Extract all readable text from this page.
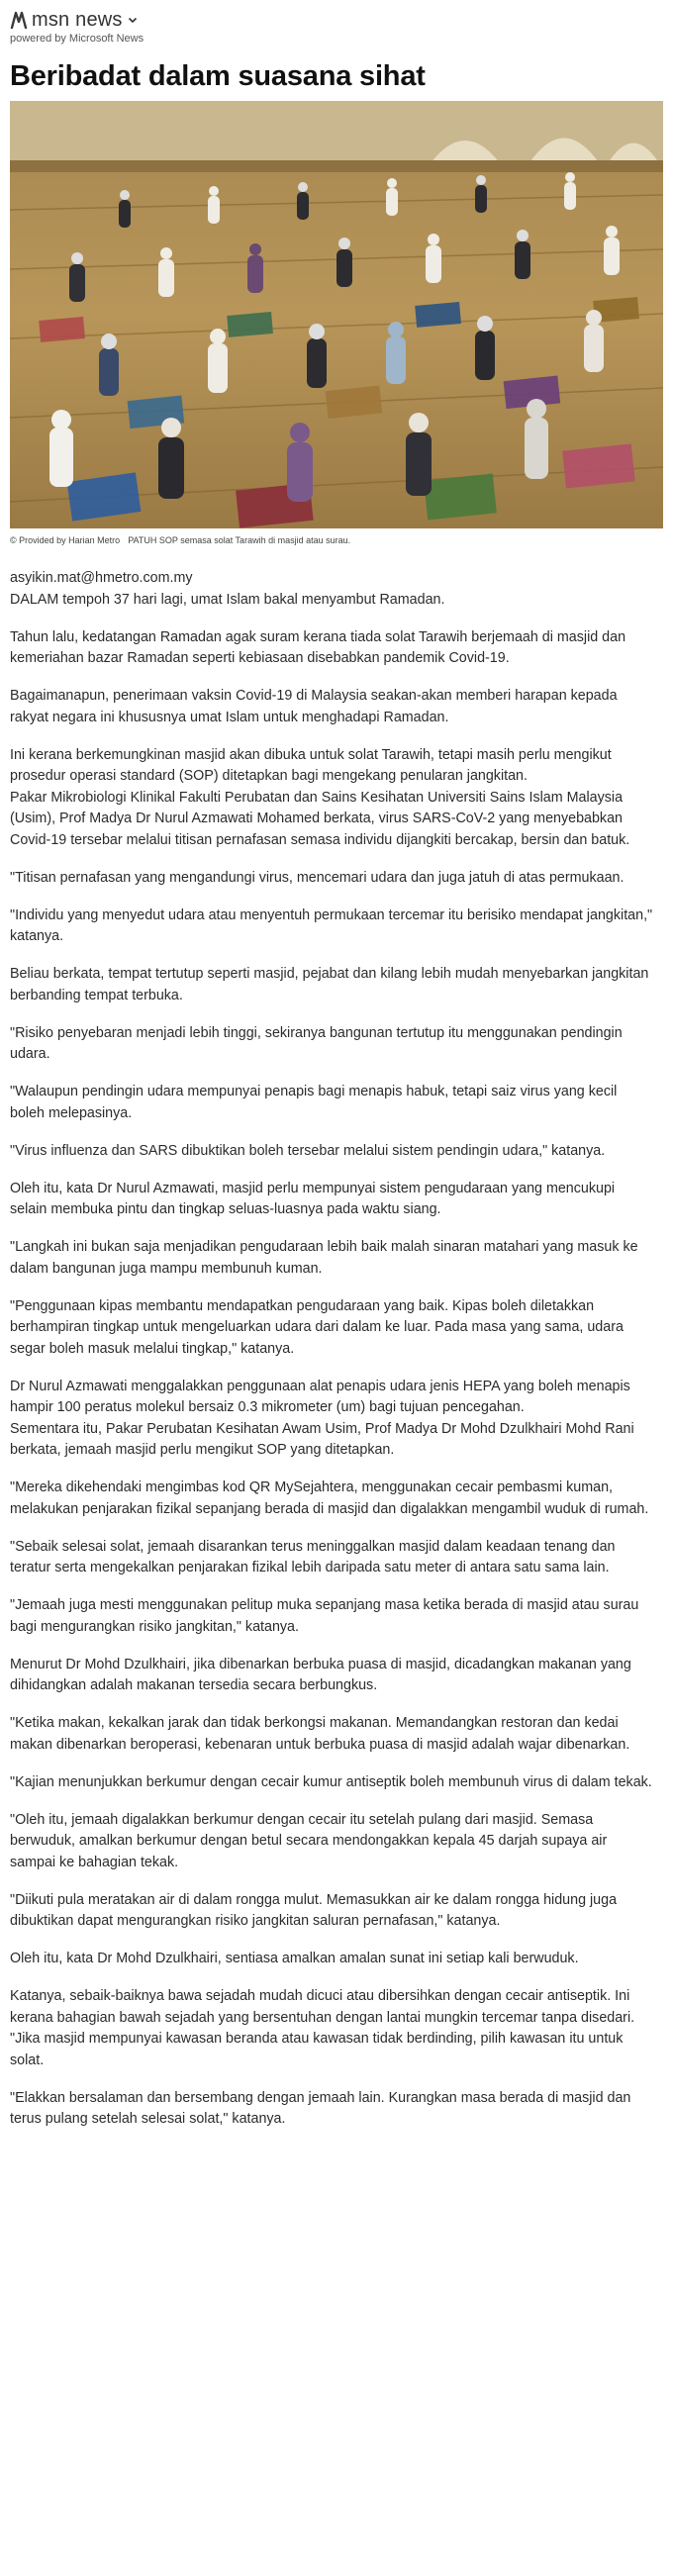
msn news
powered by Microsoft News
Beribadat dalam suasana sihat
© Provided by Harian Metro PATUH SOP semasa solat Tarawih di masjid atau surau.

asyikin.mat@hmetro.com.my

DALAM tempoh 37 hari lagi, umat Islam bakal menyambut Ramadan.

Tahun lalu, kedatangan Ramadan agak suram kerana tiada solat Tarawih berjemaah di masjid dan kemeriahan bazar Ramadan seperti kebiasaan disebabkan pandemik Covid-19.

Bagaimanapun, penerimaan vaksin Covid-19 di Malaysia seakan-akan memberi harapan kepada rakyat negara ini khususnya umat Islam untuk menghadapi Ramadan.

Ini kerana berkemungkinan masjid akan dibuka untuk solat Tarawih, tetapi masih perlu mengikut prosedur operasi standard (SOP) ditetapkan bagi mengekang penularan jangkitan.

Pakar Mikrobiologi Klinikal Fakulti Perubatan dan Sains Kesihatan Universiti Sains Islam Malaysia (Usim), Prof Madya Dr Nurul Azmawati Mohamed berkata, virus SARS-CoV-2 yang menyebabkan Covid-19 tersebar melalui titisan pernafasan semasa individu dijangkiti bercakap, bersin dan batuk.

"Titisan pernafasan yang mengandungi virus, mencemari udara dan juga jatuh di atas permukaan.

"Individu yang menyedut udara atau menyentuh permukaan tercemar itu berisiko mendapat jangkitan," katanya.

Beliau berkata, tempat tertutup seperti masjid, pejabat dan kilang lebih mudah menyebarkan jangkitan berbanding tempat terbuka.

"Risiko penyebaran menjadi lebih tinggi, sekiranya bangunan tertutup itu menggunakan pendingin udara.

"Walaupun pendingin udara mempunyai penapis bagi menapis habuk, tetapi saiz virus yang kecil boleh melepasinya.

"Virus influenza dan SARS dibuktikan boleh tersebar melalui sistem pendingin udara," katanya.

Oleh itu, kata Dr Nurul Azmawati, masjid perlu mempunyai sistem pengudaraan yang mencukupi selain membuka pintu dan tingkap seluas-luasnya pada waktu siang.

"Langkah ini bukan saja menjadikan pengudaraan lebih baik malah sinaran matahari yang masuk ke dalam bangunan juga mampu membunuh kuman.

"Penggunaan kipas membantu mendapatkan pengudaraan yang baik. Kipas boleh diletakkan berhampiran tingkap untuk mengeluarkan udara dari dalam ke luar. Pada masa yang sama, udara segar boleh masuk melalui tingkap," katanya.

Dr Nurul Azmawati menggalakkan penggunaan alat penapis udara jenis HEPA yang boleh menapis hampir 100 peratus molekul bersaiz 0.3 mikrometer (um) bagi tujuan pencegahan.

Sementara itu, Pakar Perubatan Kesihatan Awam Usim, Prof Madya Dr Mohd Dzulkhairi Mohd Rani berkata, jemaah masjid perlu mengikut SOP yang ditetapkan.

"Mereka dikehendaki mengimbas kod QR MySejahtera, menggunakan cecair pembasmi kuman, melakukan penjarakan fizikal sepanjang berada di masjid dan digalakkan mengambil wuduk di rumah.

"Sebaik selesai solat, jemaah disarankan terus meninggalkan masjid dalam keadaan tenang dan teratur serta mengekalkan penjarakan fizikal lebih daripada satu meter di antara satu sama lain.

"Jemaah juga mesti menggunakan pelitup muka sepanjang masa ketika berada di masjid atau surau bagi mengurangkan risiko jangkitan," katanya.

Menurut Dr Mohd Dzulkhairi, jika dibenarkan berbuka puasa di masjid, dicadangkan makanan yang dihidangkan adalah makanan tersedia secara berbungkus.

"Ketika makan, kekalkan jarak dan tidak berkongsi makanan. Memandangkan restoran dan kedai makan dibenarkan beroperasi, kebenaran untuk berbuka puasa di masjid adalah wajar dibenarkan.

"Kajian menunjukkan berkumur dengan cecair kumur antiseptik boleh membunuh virus di dalam tekak.

"Oleh itu, jemaah digalakkan berkumur dengan cecair itu setelah pulang dari masjid. Semasa berwuduk, amalkan berkumur dengan betul secara mendongakkan kepala 45 darjah supaya air sampai ke bahagian tekak.

"Diikuti pula meratakan air di dalam rongga mulut. Memasukkan air ke dalam rongga hidung juga dibuktikan dapat mengurangkan risiko jangkitan saluran pernafasan," katanya.

Oleh itu, kata Dr Mohd Dzulkhairi, sentiasa amalkan amalan sunat ini setiap kali berwuduk.

Katanya, sebaik-baiknya bawa sejadah mudah dicuci atau dibersihkan dengan cecair antiseptik. Ini kerana bahagian bawah sejadah yang bersentuhan dengan lantai mungkin tercemar tanpa disedari.

"Jika masjid mempunyai kawasan beranda atau kawasan tidak berdinding, pilih kawasan itu untuk solat.

"Elakkan bersalaman dan bersembang dengan jemaah lain. Kurangkan masa berada di masjid dan terus pulang setelah selesai solat," katanya.
